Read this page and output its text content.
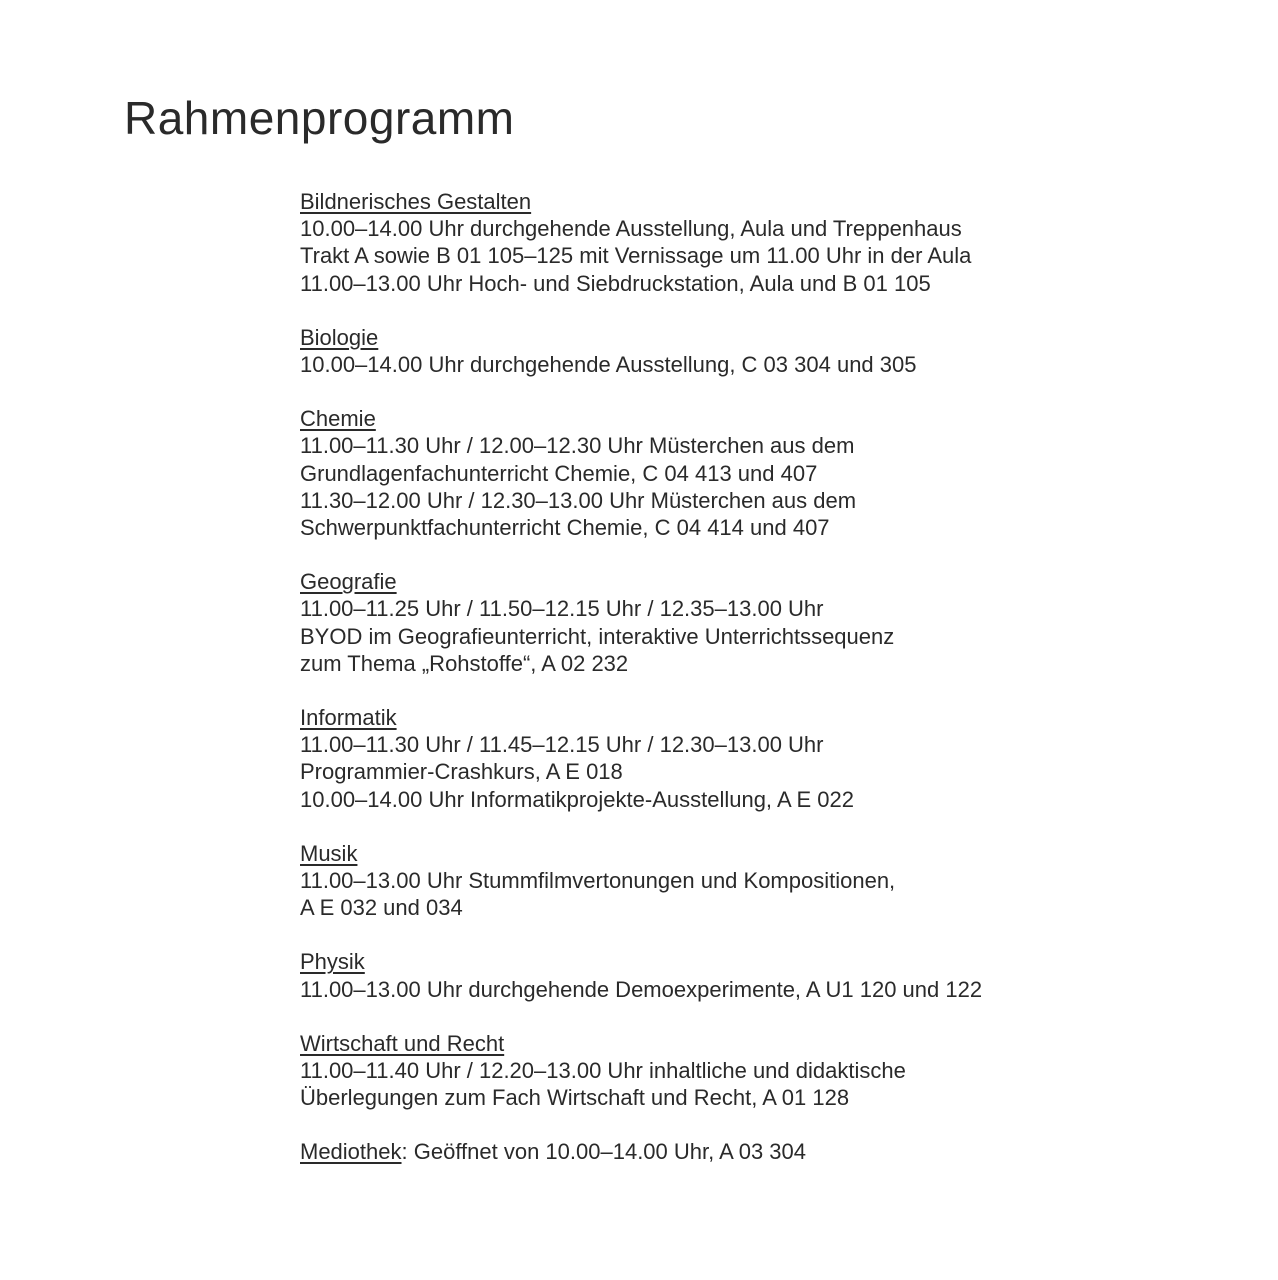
Rahmenprogramm
Bildnerisches Gestalten
10.00–14.00 Uhr durchgehende Ausstellung, Aula und Treppenhaus
Trakt A sowie B 01 105–125 mit Vernissage um 11.00 Uhr in der Aula
11.00–13.00 Uhr Hoch- und Siebdruckstation, Aula und B 01 105
Biologie
10.00–14.00 Uhr durchgehende Ausstellung, C 03 304 und 305
Chemie
11.00–11.30 Uhr / 12.00–12.30 Uhr Müsterchen aus dem
Grundlagenfachunterricht Chemie, C 04 413 und 407
11.30–12.00 Uhr / 12.30–13.00 Uhr Müsterchen aus dem
Schwerpunktfachunterricht Chemie, C 04 414 und 407
Geografie
11.00–11.25 Uhr / 11.50–12.15 Uhr / 12.35–13.00 Uhr
BYOD im Geografieunterricht, interaktive Unterrichtssequenz
zum Thema „Rohstoffe“, A 02 232
Informatik
11.00–11.30 Uhr / 11.45–12.15 Uhr / 12.30–13.00 Uhr
Programmier-Crashkurs, A E 018
10.00–14.00 Uhr Informatikprojekte-Ausstellung, A E 022
Musik
11.00–13.00 Uhr Stummfilmvertonungen und Kompositionen,
A E 032 und 034
Physik
11.00–13.00 Uhr durchgehende Demoexperimente, A U1 120 und 122
Wirtschaft und Recht
11.00–11.40 Uhr / 12.20–13.00 Uhr inhaltliche und didaktische
Überlegungen zum Fach Wirtschaft und Recht, A 01 128
Mediothek: Geöffnet von 10.00–14.00 Uhr, A 03 304
